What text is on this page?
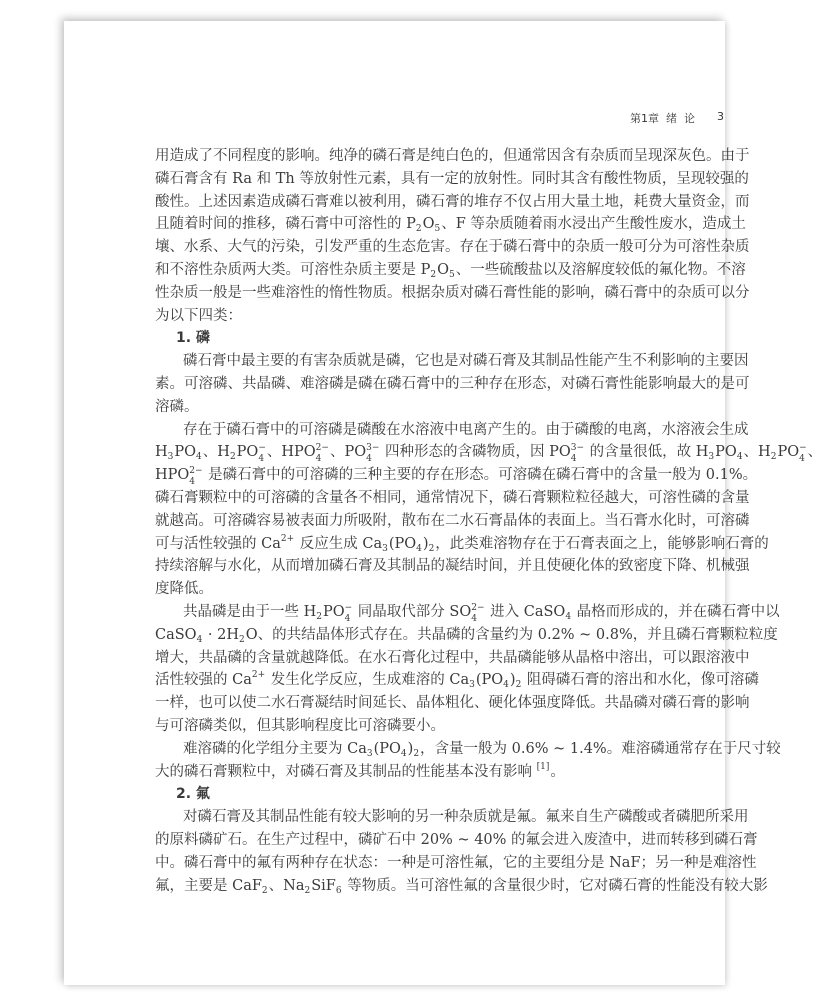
第1章  绪  论 3
用造成了不同程度的影响。纯净的磷石膏是纯白色的，但通常因含有杂质而呈现深灰色。由于
磷石膏含有 Ra 和 Th 等放射性元素，具有一定的放射性。同时其含有酸性物质，呈现较强的
酸性。上述因素造成磷石膏难以被利用，磷石膏的堆存不仅占用大量土地，耗费大量资金，而
且随着时间的推移，磷石膏中可溶性的 P 2 O 5 、F 等杂质随着雨水浸出产生酸性废水，造成土
壤、水系、大气的污染，引发严重的生态危害。存在于磷石膏中的杂质一般可分为可溶性杂质
和不溶性杂质两大类。可溶性杂质主要是 P 2 O 5 、一些硫酸盐以及溶解度较低的氟化物。不溶
性杂质一般是一些难溶性的惰性物质。根据杂质对磷石膏性能的影响，磷石膏中的杂质可以分
为以下四类：
1. 磷
磷石膏中最主要的有害杂质就是磷，它也是对磷石膏及其制品性能产生不利影响的主要因
素。可溶磷、共晶磷、难溶磷是磷在磷石膏中的三种存在形态，对磷石膏性能影响最大的是可
溶磷。
存在于磷石膏中的可溶磷是磷酸在水溶液中电离产生的。由于磷酸的电离，水溶液会生成
H 3 PO 4 、H 2 PO −
4 、HPO 2−
4 、PO 3−
4 四种形态的含磷物质，因 PO 3−
4 的含量很低，故 H 3 PO 4 、H 2 PO −
4 、
HPO 2−
4 是磷石膏中的可溶磷的三种主要的存在形态。可溶磷在磷石膏中的含量一般为 0.1%。
磷石膏颗粒中的可溶磷的含量各不相同，通常情况下，磷石膏颗粒粒径越大，可溶性磷的含量
就越高。可溶磷容易被表面力所吸附，散布在二水石膏晶体的表面上。当石膏水化时，可溶磷
可与活性较强的 Ca 2+ 反应生成 Ca 3 (PO 4 ) 2 ，此类难溶物存在于石膏表面之上，能够影响石膏的
持续溶解与水化，从而增加磷石膏及其制品的凝结时间，并且使硬化体的致密度下降、机械强
度降低。
共晶磷是由于一些 H 2 PO −
4 同晶取代部分 SO 2−
4 进入 CaSO 4 晶格而形成的，并在磷石膏中以
CaSO 4 · 2H 2 O、的共结晶体形式存在。共晶磷的含量约为 0.2% ~ 0.8%，并且磷石膏颗粒粒度
增大，共晶磷的含量就越降低。在水石膏化过程中，共晶磷能够从晶格中溶出，可以跟溶液中
活性较强的 Ca 2+ 发生化学反应，生成难溶的 Ca 3 (PO 4 ) 2 阻碍磷石膏的溶出和水化，像可溶磷
一样，也可以使二水石膏凝结时间延长、晶体粗化、硬化体强度降低。共晶磷对磷石膏的影响
与可溶磷类似，但其影响程度比可溶磷要小。
难溶磷的化学组分主要为 Ca 3 (PO 4 ) 2 ，含量一般为 0.6% ~ 1.4%。难溶磷通常存在于尺寸较
大的磷石膏颗粒中，对磷石膏及其制品的性能基本没有影响 [1] 。
2. 氟
对磷石膏及其制品性能有较大影响的另一种杂质就是氟。氟来自生产磷酸或者磷肥所采用
的原料磷矿石。在生产过程中，磷矿石中 20% ~ 40% 的氟会进入废渣中，进而转移到磷石膏
中。磷石膏中的氟有两种存在状态：一种是可溶性氟，它的主要组分是 NaF；另一种是难溶性
氟，主要是 CaF 2 、Na 2 SiF 6 等物质。当可溶性氟的含量很少时，它对磷石膏的性能没有较大影
